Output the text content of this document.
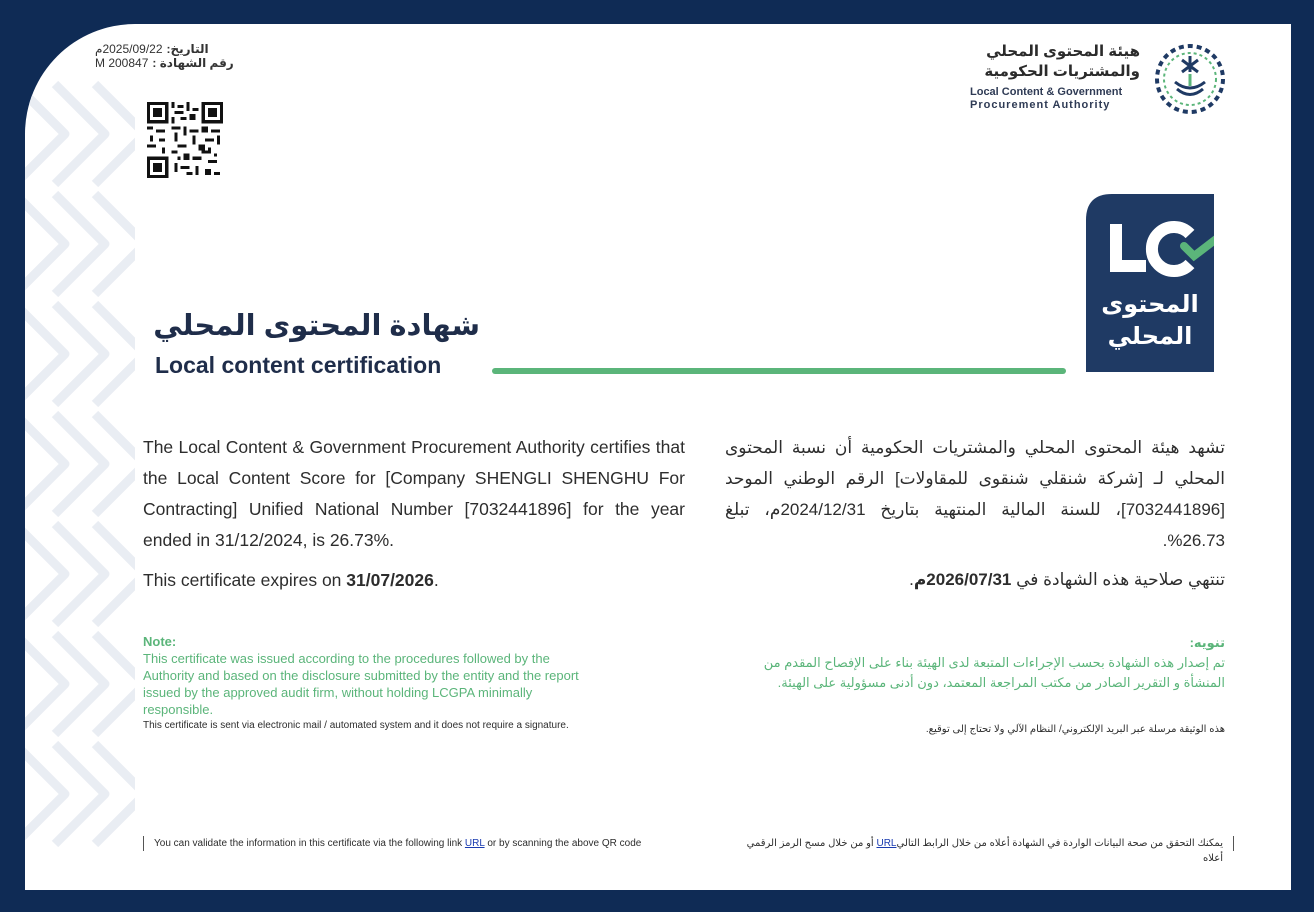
التاريخ:
2025/09/22م
رقم الشهادة :
M 200847
هيئة المحتوى المحلي
والمشتريات الحكومية
Local Content & Government
Procurement Authority
المحتوى
المحلي
شهادة المحتوى المحلي
Local content certification
The Local Content & Government Procurement Authority certifies that the Local Content Score for [Company SHENGLI SHENGHU For Contracting] Unified National Number [7032441896] for the year ended in 31/12/2024, is 26.73%.
تشهد هيئة المحتوى المحلي والمشتريات الحكومية أن نسبة المحتوى المحلي لـ [شركة شنقلي شنقوى للمقاولات] الرقم الوطني الموحد [7032441896]، للسنة المالية المنتهية بتاريخ 2024/12/31م، تبلغ 26.73%.
This certificate expires on 31/07/2026.	تنتهي صلاحية هذه الشهادة في 2026/07/31م.
Note:
This certificate was issued according to the procedures followed by the Authority and based on the disclosure submitted by the entity and the report issued by the approved audit firm, without holding LCGPA minimally responsible.
تنويه:
تم إصدار هذه الشهادة بحسب الإجراءات المتبعة لدى الهيئة بناء على الإفصاح المقدم من المنشأة و التقرير الصادر من مكتب المراجعة المعتمد، دون أدنى مسؤولية على الهيئة.
This certificate is sent via electronic mail / automated system and it does not require a signature.	هذه الوثيقة مرسلة عبر البريد الإلكتروني/ النظام الآلي ولا تحتاج إلى توقيع.
You can validate the information in this certificate via the following link URL or by scanning the above QR code	يمكنك التحقق من صحة البيانات الواردة في الشهادة أعلاه من خلال الرابط التاليURL أو من خلال مسح الرمز الرقمي أعلاه
